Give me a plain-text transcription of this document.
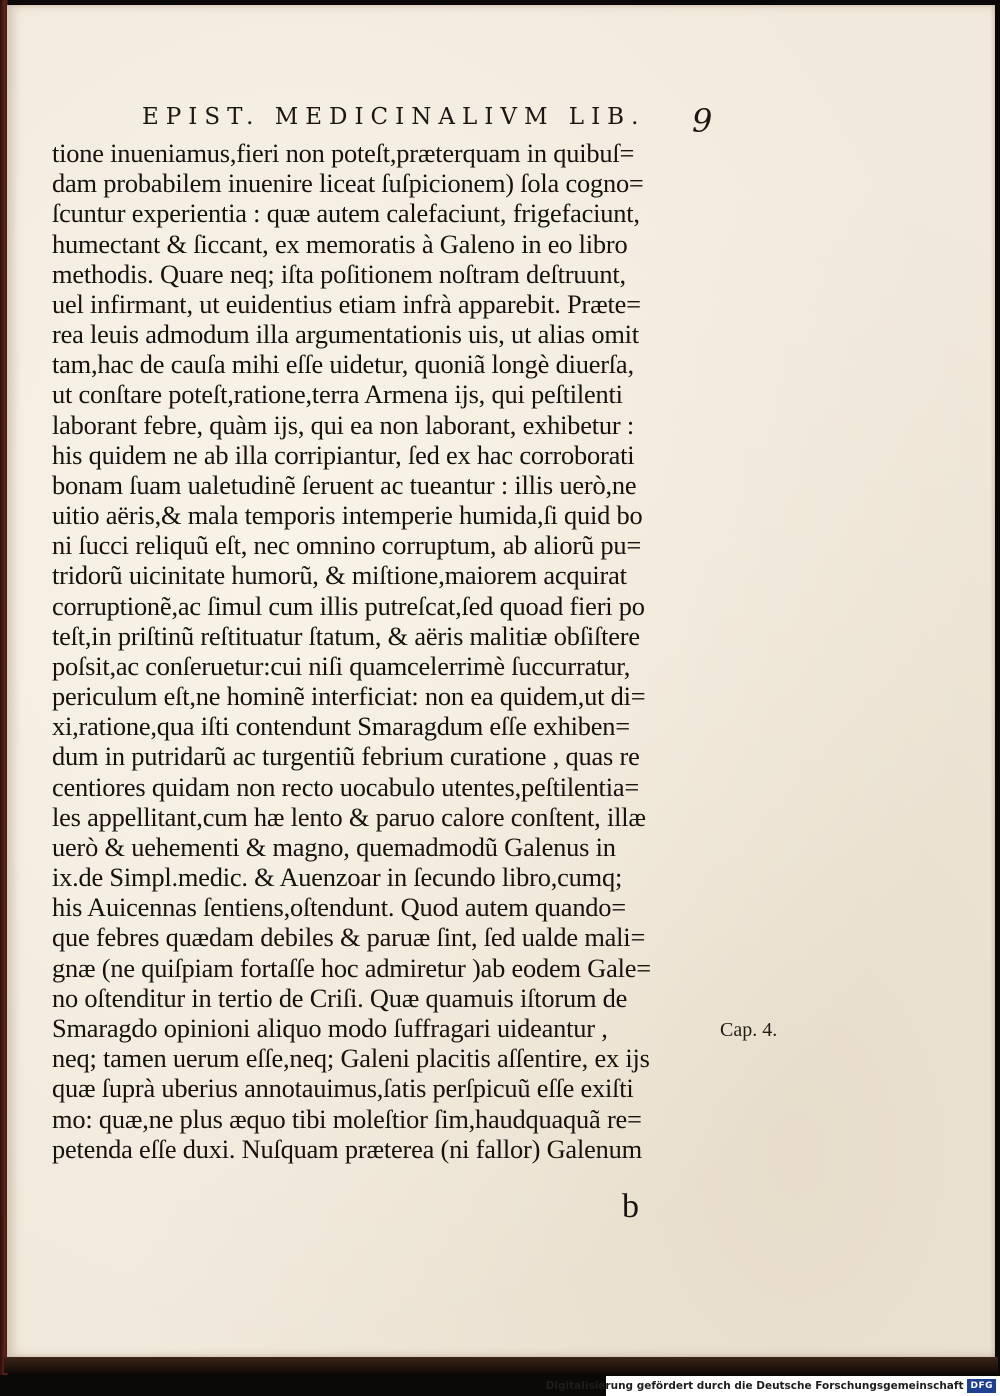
EPIST. MEDICINALIVM LIB. 9
tione inueniamus,fieri non poteſt,præterquam in quibuſ=
dam probabilem inuenire liceat ſuſpicionem) ſola cogno=
ſcuntur experientia : quæ autem calefaciunt, frigefaciunt,
humectant & ſiccant, ex memoratis à Galeno in eo libro
methodis. Quare neq; iſta poſitionem noſtram deſtruunt,
uel infirmant, ut euidentius etiam infrà apparebit. Præte=
rea leuis admodum illa argumentationis uis, ut alias omit
tam,hac de cauſa mihi eſſe uidetur, quoniã longè diuerſa,
ut conſtare poteſt,ratione,terra Armena ijs, qui peſtilenti
laborant febre, quàm ijs, qui ea non laborant, exhibetur :
his quidem ne ab illa corripiantur, ſed ex hac corroborati
bonam ſuam ualetudinẽ ſeruent ac tueantur : illis uerò,ne
uitio aëris,& mala temporis intemperie humida,ſi quid bo
ni ſucci reliquũ eſt, nec omnino corruptum, ab aliorũ pu=
tridorũ uicinitate humorũ, & miſtione,maiorem acquirat
corruptionẽ,ac ſimul cum illis putreſcat,ſed quoad fieri po
teſt,in priſtinũ reſtituatur ſtatum, & aëris malitiæ obſiſtere
poſsit,ac conſeruetur:cui niſi quamcelerrimè ſuccurratur,
periculum eſt,ne hominẽ interficiat: non ea quidem,ut di=
xi,ratione,qua iſti contendunt Smaragdum eſſe exhiben=
dum in putridarũ ac turgentiũ febrium curatione , quas re
centiores quidam non recto uocabulo utentes,peſtilentia=
les appellitant,cum hæ lento & paruo calore conſtent, illæ
uerò & uehementi & magno, quemadmodũ Galenus in
ix.de Simpl.medic. & Auenzoar in ſecundo libro,cumq;
his Auicennas ſentiens,oſtendunt. Quod autem quando=
que febres quædam debiles & paruæ ſint, ſed ualde mali=
gnæ (ne quiſpiam fortaſſe hoc admiretur )ab eodem Gale=
no oſtenditur in tertio de Criſi. Quæ quamuis iſtorum de
Smaragdo opinioni aliquo modo ſuffragari uideantur ,
neq; tamen uerum eſſe,neq; Galeni placitis aſſentire, ex ijs
quæ ſuprà uberius annotauimus,ſatis perſpicuũ eſſe exiſti
mo: quæ,ne plus æquo tibi moleſtior ſim,haudquaquã re=
petenda eſſe duxi. Nuſquam præterea (ni fallor) Galenum
Cap. 4.
b
Digitalisierung gefördert durch die Deutsche Forschungsgemeinschaft DFG
